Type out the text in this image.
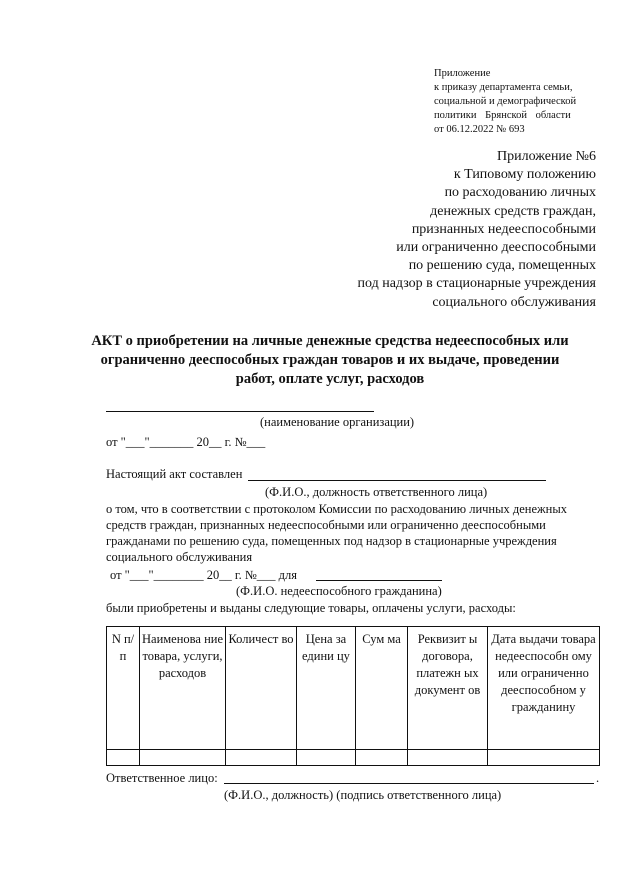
Приложение
к приказу департамента семьи,
социальной и демографической
политики Брянской области
от 06.12.2022 № 693
Приложение №6
к Типовому положению
по расходованию личных
денежных средств граждан,
признанных недееспособными
или ограниченно дееспособными
по решению суда, помещенных
под надзор в стационарные учреждения
социального обслуживания
АКТ о приобретении на личные денежные средства недееспособных или
ограниченно дееспособных граждан товаров и их выдаче, проведении
работ, оплате услуг, расходов
(наименование организации)
от "___"_______ 20__ г. №___
Настоящий акт составлен
(Ф.И.О., должность ответственного лица)
о том, что в соответствии с протоколом Комиссии по расходованию личных денежных
средств граждан, признанных недееспособными или ограниченно дееспособными
гражданами по решению суда, помещенных под надзор в стационарные учреждения
социального обслуживания
от "___"________ 20__ г. №___ для
(Ф.И.О. недееспособного гражданина)
были приобретены и выданы следующие товары, оплачены услуги, расходы:
N п/ п	Наименова ние товара, услуги, расходов	Количест во	Цена за едини цу	Сум ма	Реквизит ы договора, платежн ых документ ов	Дата выдачи товара недееспособн ому или ограниченно дееспособном у гражданину

Ответственное лицо:	.
(Ф.И.О., должность) (подпись ответственного лица)
